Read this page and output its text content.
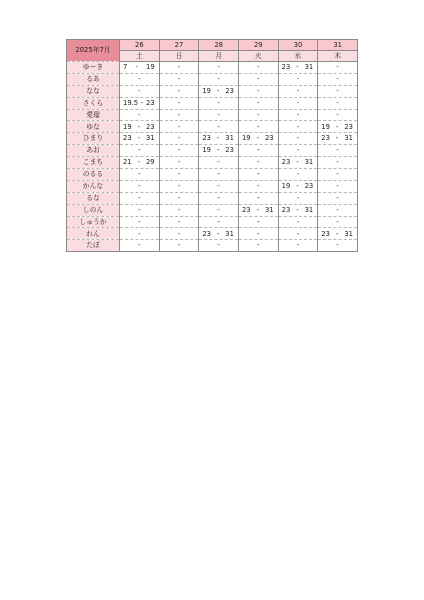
2025年7月	26	27	28	29	30	31
	土	日	月	火	水	木
ゆーき	7 - 19	-	-	-	23 - 31	-
るあ	-	-	-	-	-	-
なな	-	-	19 - 23	-	-	-
さくら	19.5 - 23	-	-	-	-	-
愛瑠	-	-	-	-	-	-
ゆな	19 - 23	-	-	-	-	19 - 23

ひまり	23 - 31	-	23 - 31	19 - 23	-	23 - 31

あお	-	-	19 - 23	-	-	-
こまち	21 - 29	-	-	-	23 - 31	-
のるる	-	-	-	-	-	-
かんな	-	-	-	-	19 - 23	-
るな	-	-	-	-	-	-
しのん	-	-	-	23 - 31	23 - 31	-
しゅうか	-	-	-	-	-	-
れん	-	-	23 - 31	-	-	23 - 31

たぼ	-	-	-	-	-	-
